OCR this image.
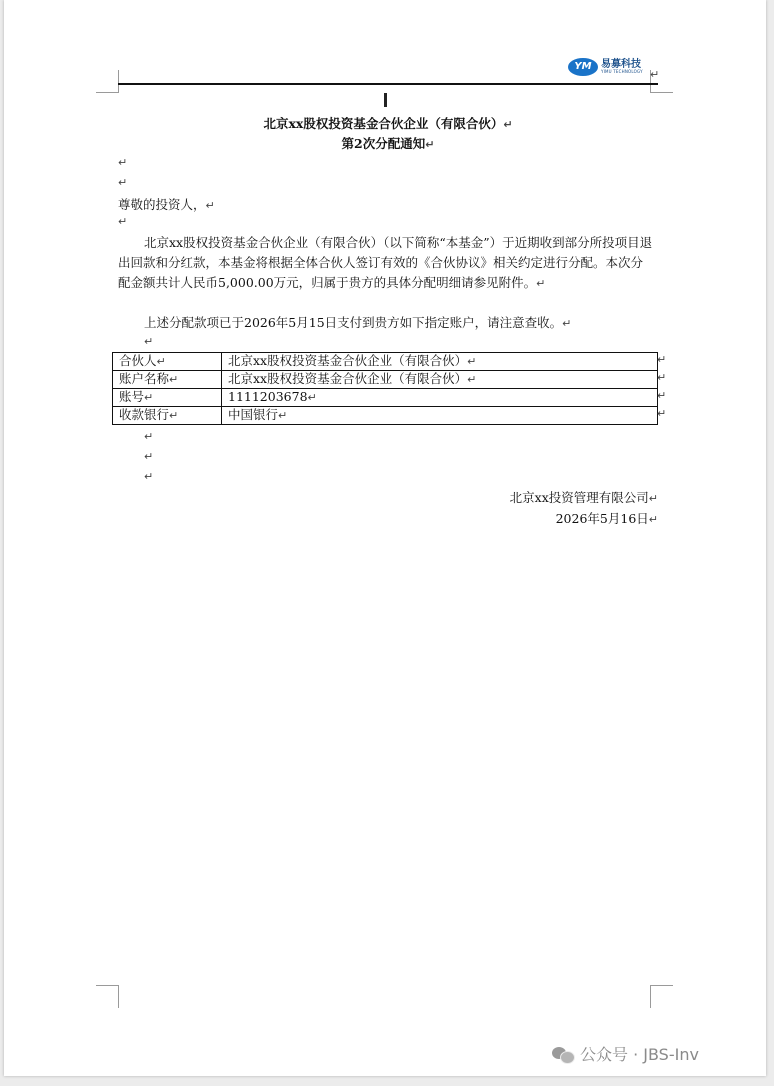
YM 易募科技
YIMU TECHNOLOGY ↵
北京xx股权投资基金合伙企业（有限合伙）↵
第2次分配通知↵
↵
↵
尊敬的投资人，↵
↵
北京xx股权投资基金合伙企业（有限合伙）（以下简称“本基金”）于近期收到部分所投项目退出回款和分红款，本基金将根据全体合伙人签订有效的《合伙协议》相关约定进行分配。本次分配金额共计人民币5,000.00万元，归属于贵方的具体分配明细请参见附件。↵
上述分配款项已于2026年5月15日支付到贵方如下指定账户，请注意查收。↵
↵
合伙人↵	北京xx股权投资基金合伙企业（有限合伙）↵
账户名称↵	北京xx股权投资基金合伙企业（有限合伙）↵
账号↵	1111203678↵
收款银行↵	中国银行↵
↵
↵
↵
↵
↵
↵
↵
北京xx投资管理有限公司↵
2026年5月16日↵
公众号 · JBS-Inv
